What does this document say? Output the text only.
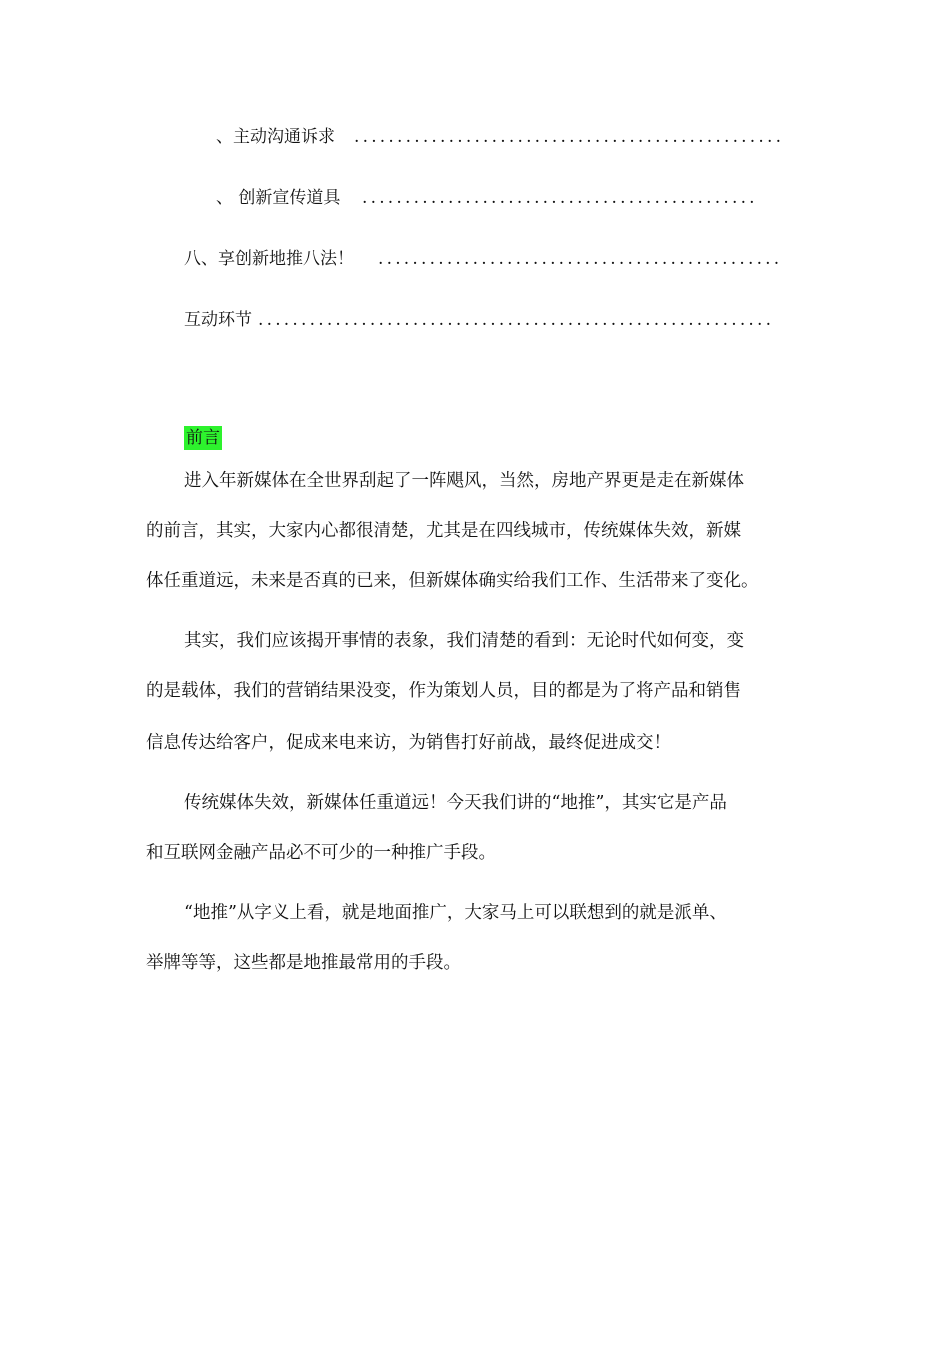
、主动沟通诉求 ..................................................
、 创新宣传道具 ..............................................
八、享创新地推八法！ ...............................................
互动环节 ............................................................
前言
进入年新媒体在全世界刮起了一阵飓风，当然，房地产界更是走在新媒体
的前言，其实，大家内心都很清楚，尤其是在四线城市，传统媒体失效，新媒
体任重道远，未来是否真的已来，但新媒体确实给我们工作、生活带来了变化。
其实，我们应该揭开事情的表象，我们清楚的看到：无论时代如何变，变
的是载体，我们的营销结果没变，作为策划人员，目的都是为了将产品和销售
信息传达给客户，促成来电来访，为销售打好前战，最终促进成交！
传统媒体失效，新媒体任重道远！今天我们讲的“地推”，其实它是产品
和互联网金融产品必不可少的一种推广手段。
“地推”从字义上看，就是地面推广，大家马上可以联想到的就是派单、
举牌等等，这些都是地推最常用的手段。
